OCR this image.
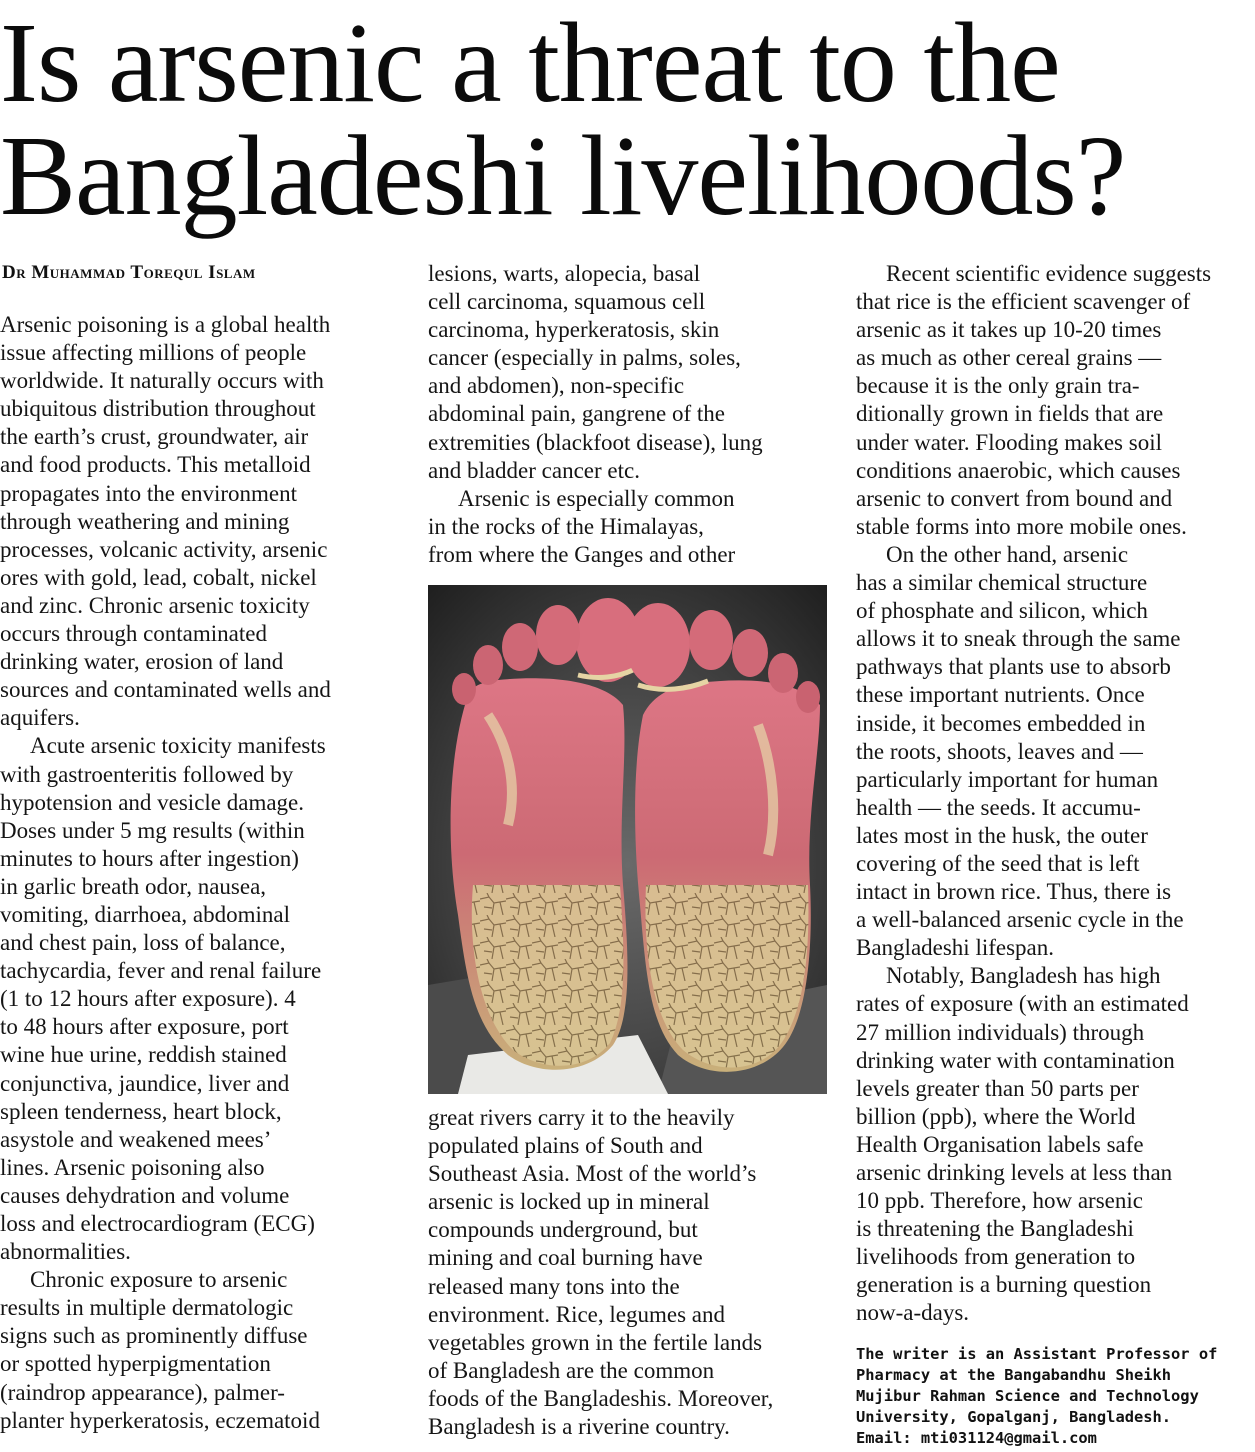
Is arsenic a threat to the
Bangladeshi livelihoods?
Dr Muhammad Torequl Islam

Arsenic poisoning is a global health
issue affecting millions of people
worldwide. It naturally occurs with
ubiquitous distribution throughout
the earth’s crust, groundwater, air
and food products. This metalloid
propagates into the environment
through weathering and mining
processes, volcanic activity, arsenic
ores with gold, lead, cobalt, nickel
and zinc. Chronic arsenic toxicity
occurs through contaminated
drinking water, erosion of land
sources and contaminated wells and
aquifers.

Acute arsenic toxicity manifests
with gastroenteritis followed by
hypotension and vesicle damage.
Doses under 5 mg results (within
minutes to hours after ingestion)
in garlic breath odor, nausea,
vomiting, diarrhoea, abdominal
and chest pain, loss of balance,
tachycardia, fever and renal failure
(1 to 12 hours after exposure). 4
to 48 hours after exposure, port
wine hue urine, reddish stained
conjunctiva, jaundice, liver and
spleen tenderness, heart block,
asystole and weakened mees’
lines. Arsenic poisoning also
causes dehydration and volume
loss and electrocardiogram (ECG)
abnormalities.

Chronic exposure to arsenic
results in multiple dermatologic
signs such as prominently diffuse
or spotted hyperpigmentation
(raindrop appearance), palmer-
planter hyperkeratosis, eczematoid

lesions, warts, alopecia, basal
cell carcinoma, squamous cell
carcinoma, hyperkeratosis, skin
cancer (especially in palms, soles,
and abdomen), non-specific
abdominal pain, gangrene of the
extremities (blackfoot disease), lung
and bladder cancer etc.

Arsenic is especially common
in the rocks of the Himalayas,
from where the Ganges and other

great rivers carry it to the heavily
populated plains of South and
Southeast Asia. Most of the world’s
arsenic is locked up in mineral
compounds underground, but
mining and coal burning have
released many tons into the
environment. Rice, legumes and
vegetables grown in the fertile lands
of Bangladesh are the common
foods of the Bangladeshis. Moreover,
Bangladesh is a riverine country.

Recent scientific evidence suggests
that rice is the efficient scavenger of
arsenic as it takes up 10-20 times
as much as other cereal grains —
because it is the only grain tra-
ditionally grown in fields that are
under water. Flooding makes soil
conditions anaerobic, which causes
arsenic to convert from bound and
stable forms into more mobile ones.

On the other hand, arsenic
has a similar chemical structure
of phosphate and silicon, which
allows it to sneak through the same
pathways that plants use to absorb
these important nutrients. Once
inside, it becomes embedded in
the roots, shoots, leaves and —
particularly important for human
health — the seeds. It accumu-
lates most in the husk, the outer
covering of the seed that is left
intact in brown rice. Thus, there is
a well-balanced arsenic cycle in the
Bangladeshi lifespan.

Notably, Bangladesh has high
rates of exposure (with an estimated
27 million individuals) through
drinking water with contamination
levels greater than 50 parts per
billion (ppb), where the World
Health Organisation labels safe
arsenic drinking levels at less than
10 ppb. Therefore, how arsenic
is threatening the Bangladeshi
livelihoods from generation to
generation is a burning question
now-a-days.

The writer is an Assistant Professor of
Pharmacy at the Bangabandhu Sheikh
Mujibur Rahman Science and Technology
University, Gopalganj, Bangladesh.
Email: mti031124@gmail.com
